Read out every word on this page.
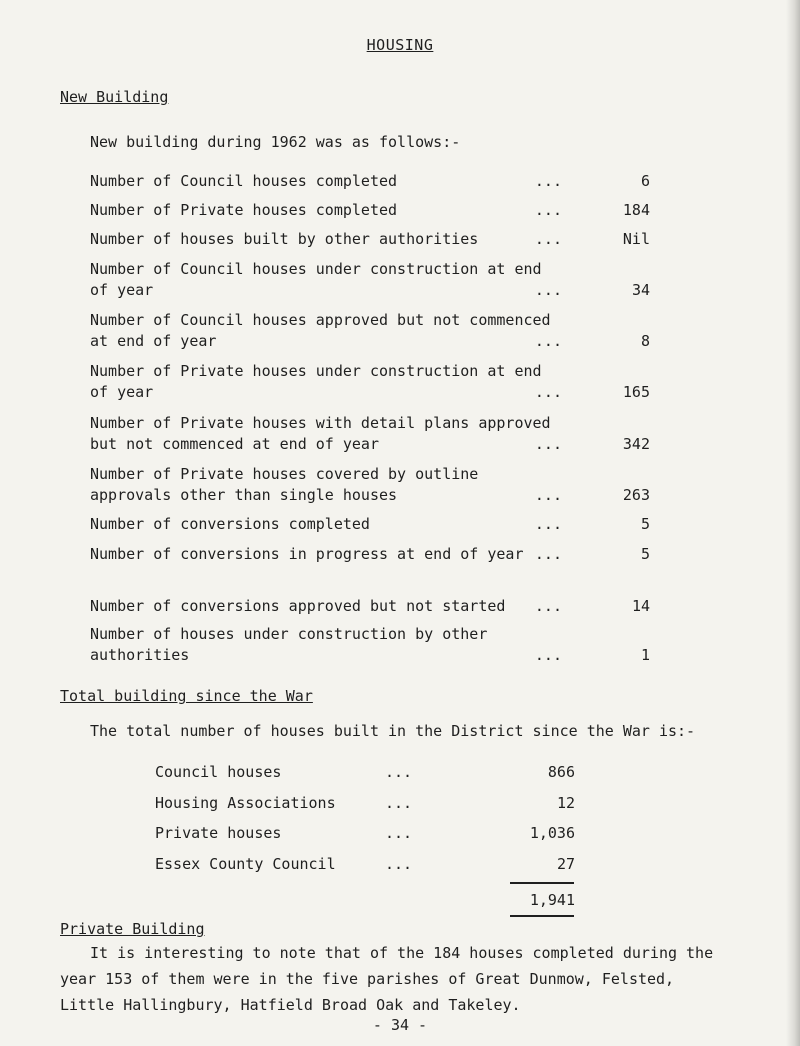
HOUSING
New Building
New building during 1962 was as follows:-
Number of Council houses completed	...	6
Number of Private houses completed	...	184
Number of houses built by other authorities	...	Nil
Number of Council houses under construction at end of year	...	34
Number of Council houses approved but not commenced at end of year	...	8
Number of Private houses under construction at end of year	...	165
Number of Private houses with detail plans approved but not commenced at end of year	...	342
Number of Private houses covered by outline approvals other than single houses	...	263
Number of conversions completed	...	5
Number of conversions in progress at end of year ...	5
Number of conversions approved but not started	...	14
Number of houses under construction by other authorities	...	1
Total building since the War
The total number of houses built in the District since the War is:-
Council houses	...	866
Housing Associations	...	12
Private houses	...	1,036
Essex County Council	...	27
1,941
Private Building
It is interesting to note that of the 184 houses completed during the
year 153 of them were in the five parishes of Great Dunmow, Felsted,
Little Hallingbury, Hatfield Broad Oak and Takeley.
- 34 -
